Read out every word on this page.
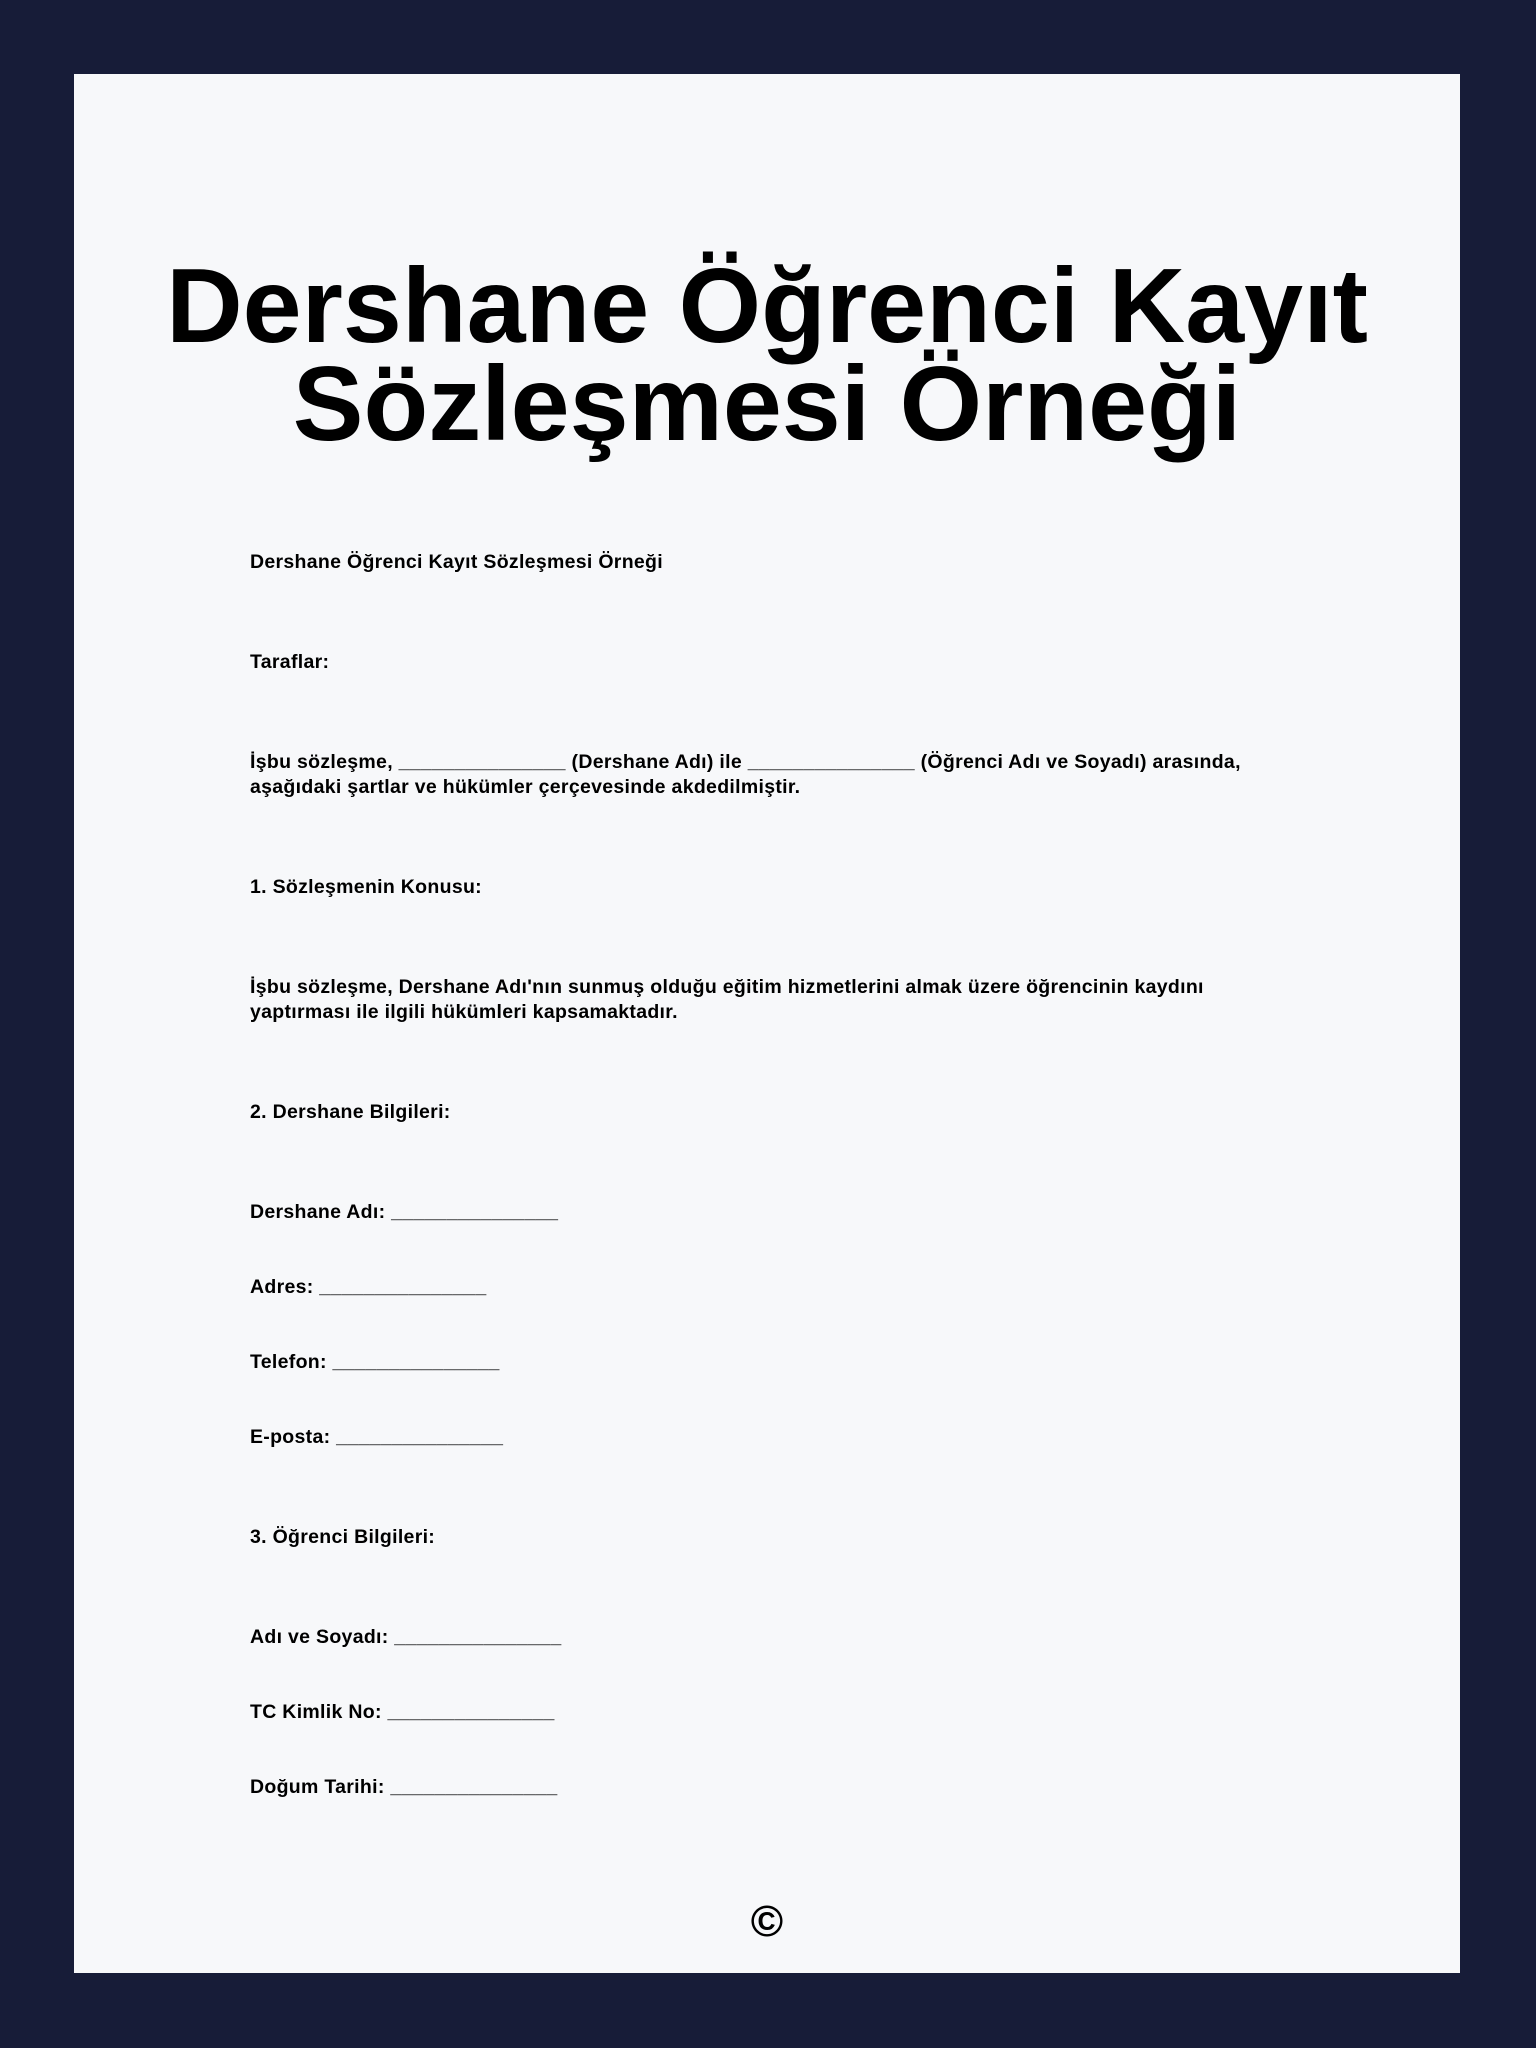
Dershane Öğrenci Kayıt
Sözleşmesi Örneği

Dershane Öğrenci Kayıt Sözleşmesi Örneği

Taraflar:

İşbu sözleşme, _______________ (Dershane Adı) ile _______________ (Öğrenci Adı ve Soyadı) arasında, aşağıdaki şartlar ve hükümler çerçevesinde akdedilmiştir.

1. Sözleşmenin Konusu:

İşbu sözleşme, Dershane Adı'nın sunmuş olduğu eğitim hizmetlerini almak üzere öğrencinin kaydını yaptırması ile ilgili hükümleri kapsamaktadır.

2. Dershane Bilgileri:

Dershane Adı: _______________

Adres: _______________

Telefon: _______________

E-posta: _______________

3. Öğrenci Bilgileri:

Adı ve Soyadı: _______________

TC Kimlik No: _______________

Doğum Tarihi: _______________

©
